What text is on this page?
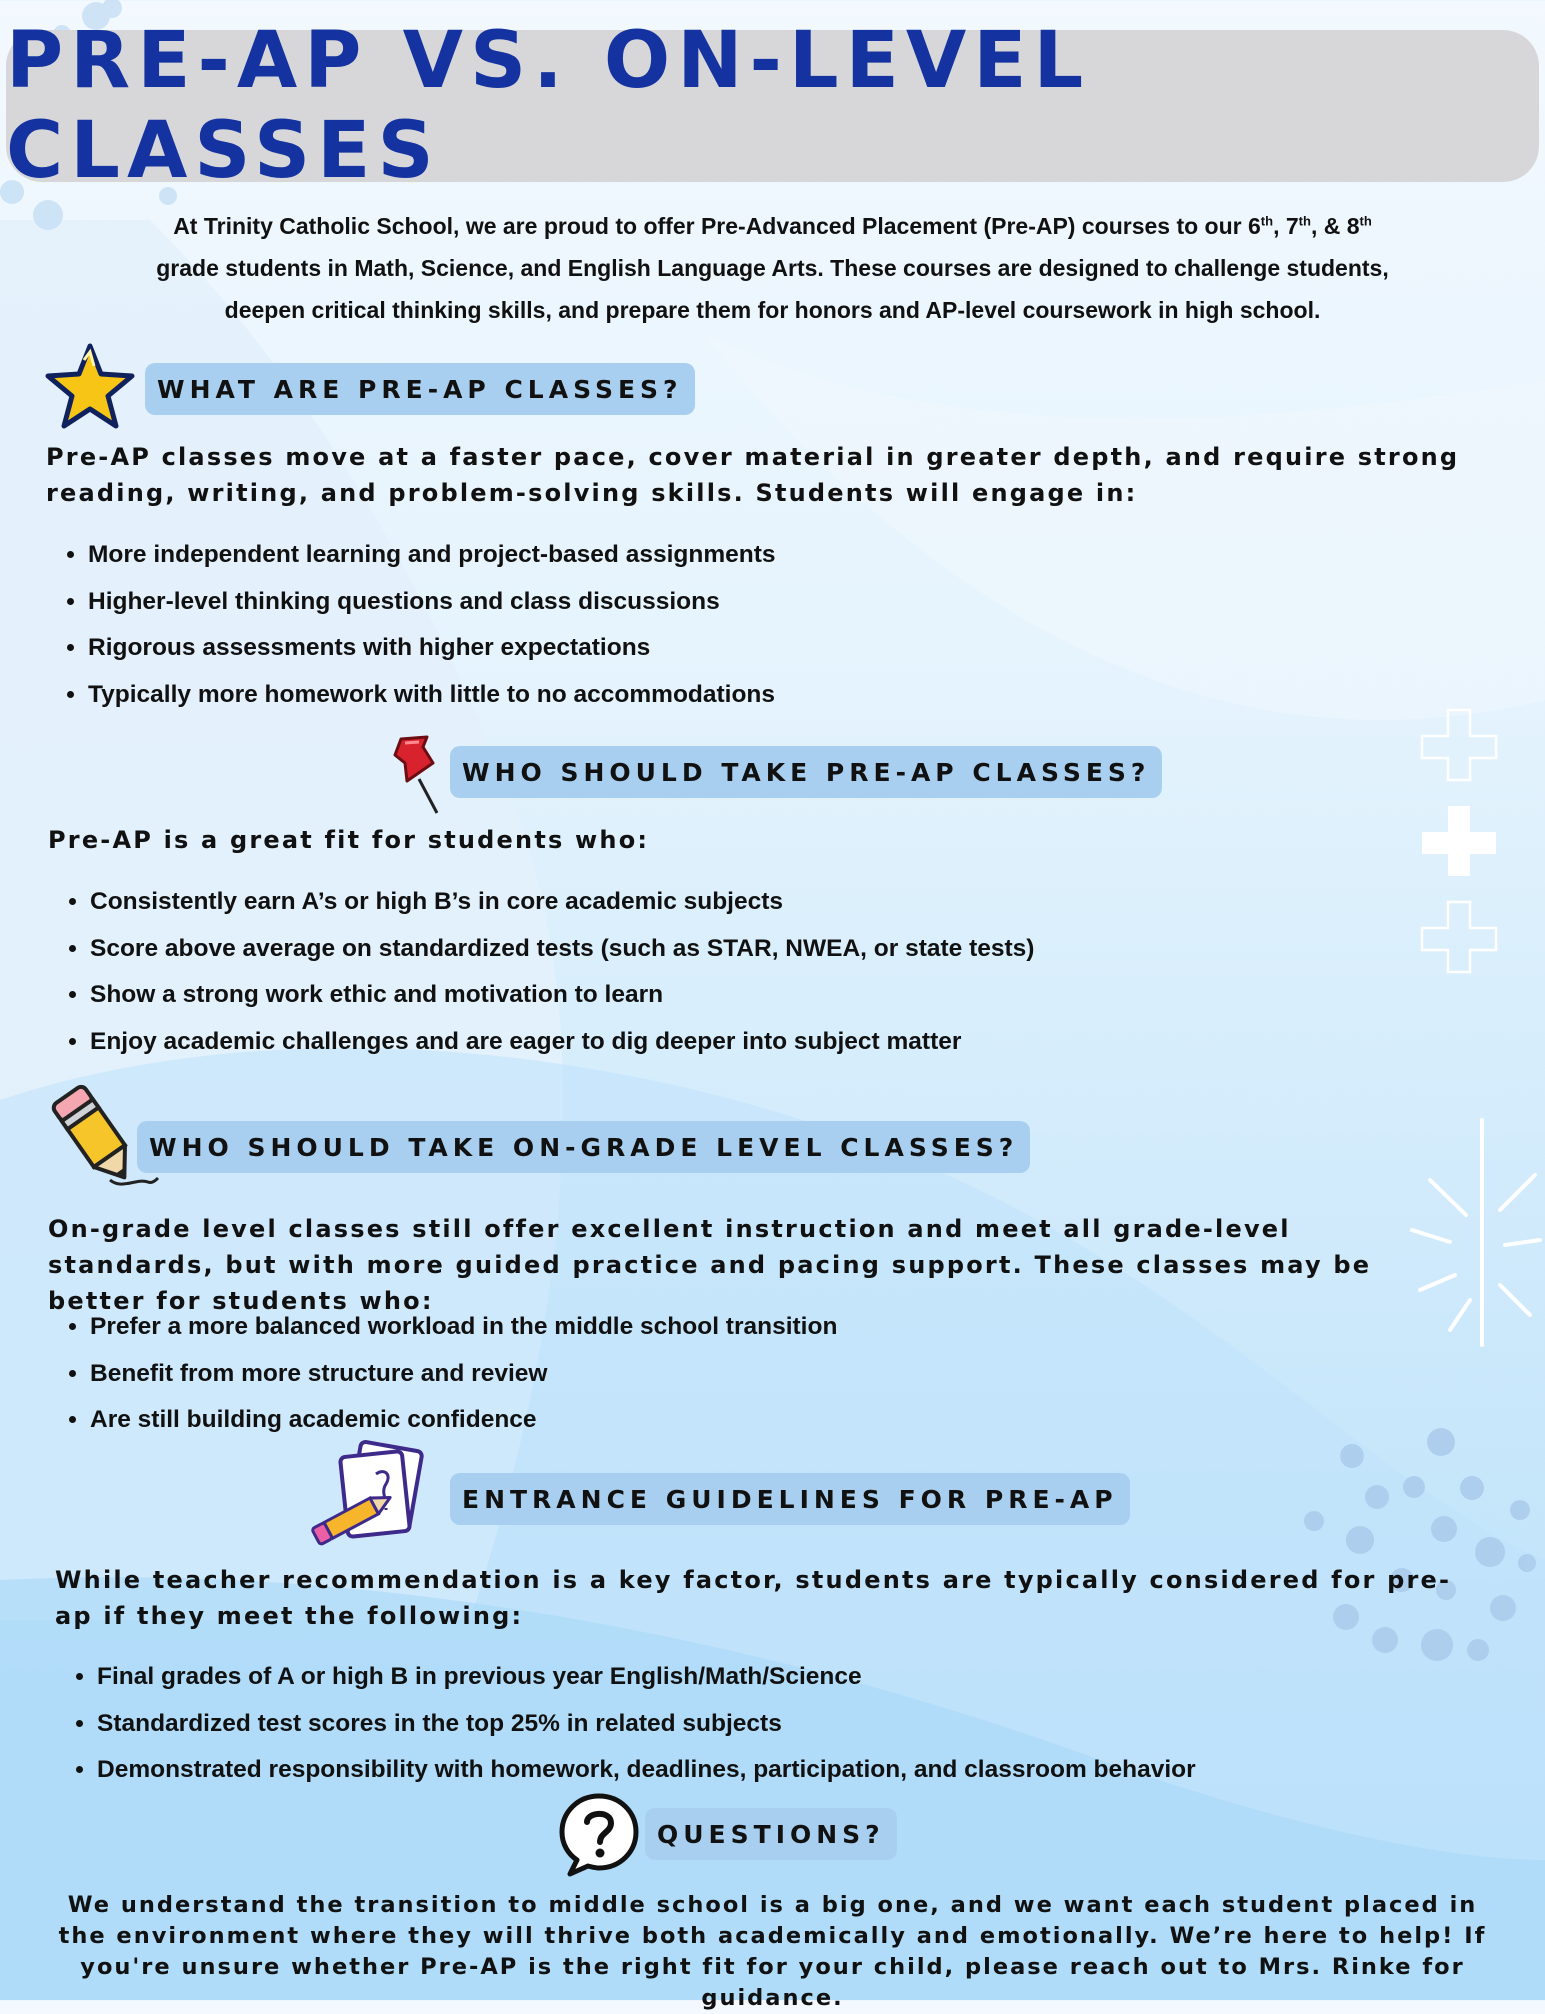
PRE-AP VS. ON-LEVEL CLASSES
At Trinity Catholic School, we are proud to offer Pre-Advanced Placement (Pre-AP) courses to our 6th, 7th, & 8th
grade students in Math, Science, and English Language Arts. These courses are designed to challenge students,
deepen critical thinking skills, and prepare them for honors and AP-level coursework in high school.
WHAT ARE PRE-AP CLASSES?
Pre-AP classes move at a faster pace, cover material in greater depth, and require strong reading, writing, and problem-solving skills. Students will engage in:
• More independent learning and project-based assignments
• Higher-level thinking questions and class discussions
• Rigorous assessments with higher expectations
• Typically more homework with little to no accommodations
WHO SHOULD TAKE PRE-AP CLASSES?
Pre-AP is a great fit for students who:
• Consistently earn A’s or high B’s in core academic subjects
• Score above average on standardized tests (such as STAR, NWEA, or state tests)
• Show a strong work ethic and motivation to learn
• Enjoy academic challenges and are eager to dig deeper into subject matter
WHO SHOULD TAKE ON-GRADE LEVEL CLASSES?
On-grade level classes still offer excellent instruction and meet all grade-level standards, but with more guided practice and pacing support. These classes may be better for students who:
• Prefer a more balanced workload in the middle school transition
• Benefit from more structure and review
• Are still building academic confidence
ENTRANCE GUIDELINES FOR PRE-AP
While teacher recommendation is a key factor, students are typically considered for pre-ap if they meet the following:
• Final grades of A or high B in previous year English/Math/Science
• Standardized test scores in the top 25% in related subjects
• Demonstrated responsibility with homework, deadlines, participation, and classroom behavior
QUESTIONS?
We understand the transition to middle school is a big one, and we want each student placed in the environment where they will thrive both academically and emotionally. We’re here to help! If you're unsure whether Pre-AP is the right fit for your child, please reach out to Mrs. Rinke for guidance.
